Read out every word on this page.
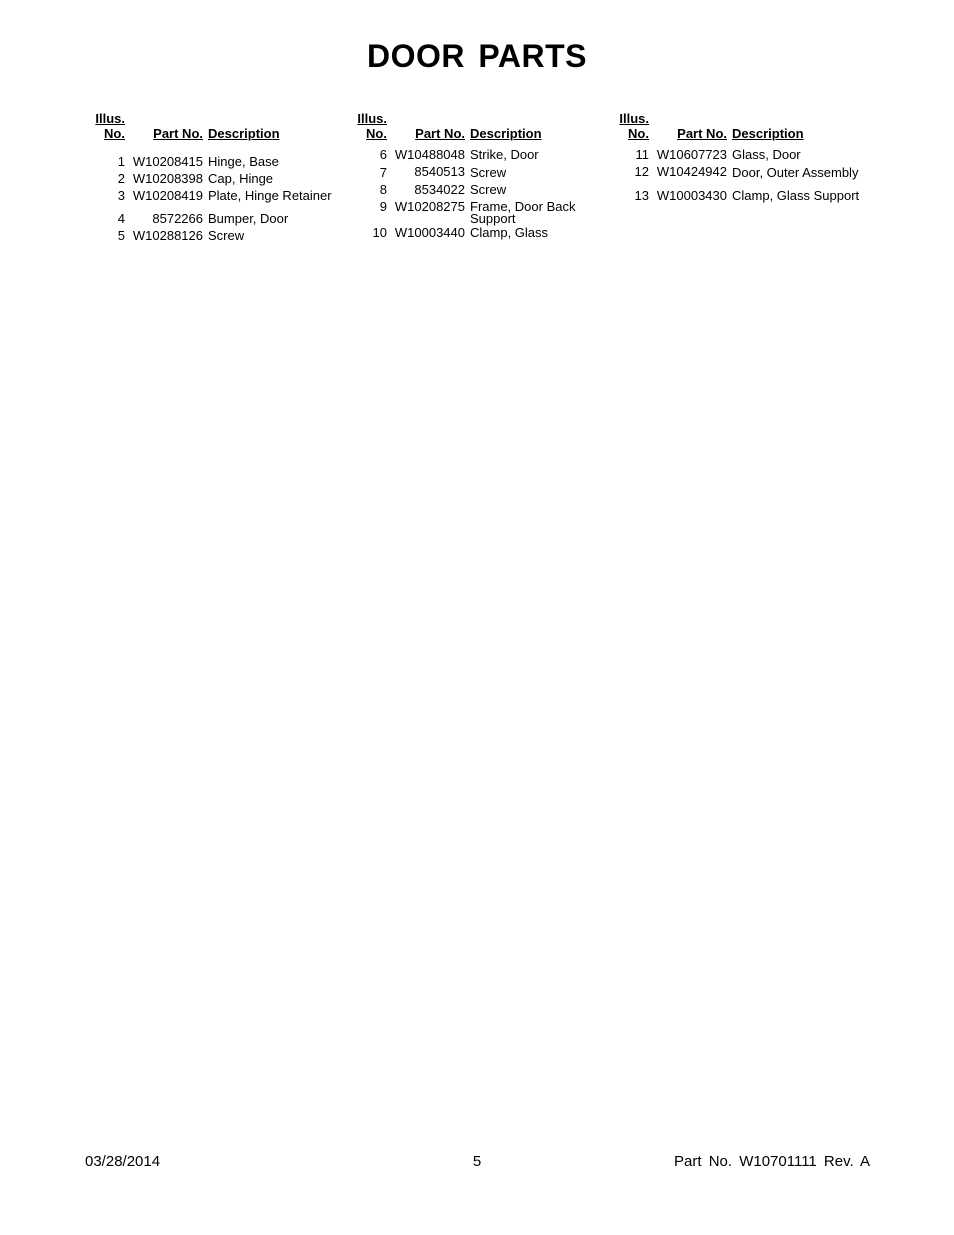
DOOR PARTS
Illus.
No.	Part No. Description
1 W10208415 Hinge, Base
2 W10208398 Cap, Hinge
3 W10208419 Plate, Hinge Retainer
4	8572266 Bumper, Door
5 W10288126 Screw
Illus.
No.	Part No. Description
6 W10488048 Strike, Door
7	8540513 Screw
8	8534022 Screw
9 W10208275 Frame, Door Back Support
10 W10003440 Clamp, Glass
Illus.
No.	Part No. Description
11 W10607723 Glass, Door
12 W10424942 Door, Outer Assembly
13 W10003430 Clamp, Glass Support
03/28/2014	5	Part No. W10701111 Rev. A
